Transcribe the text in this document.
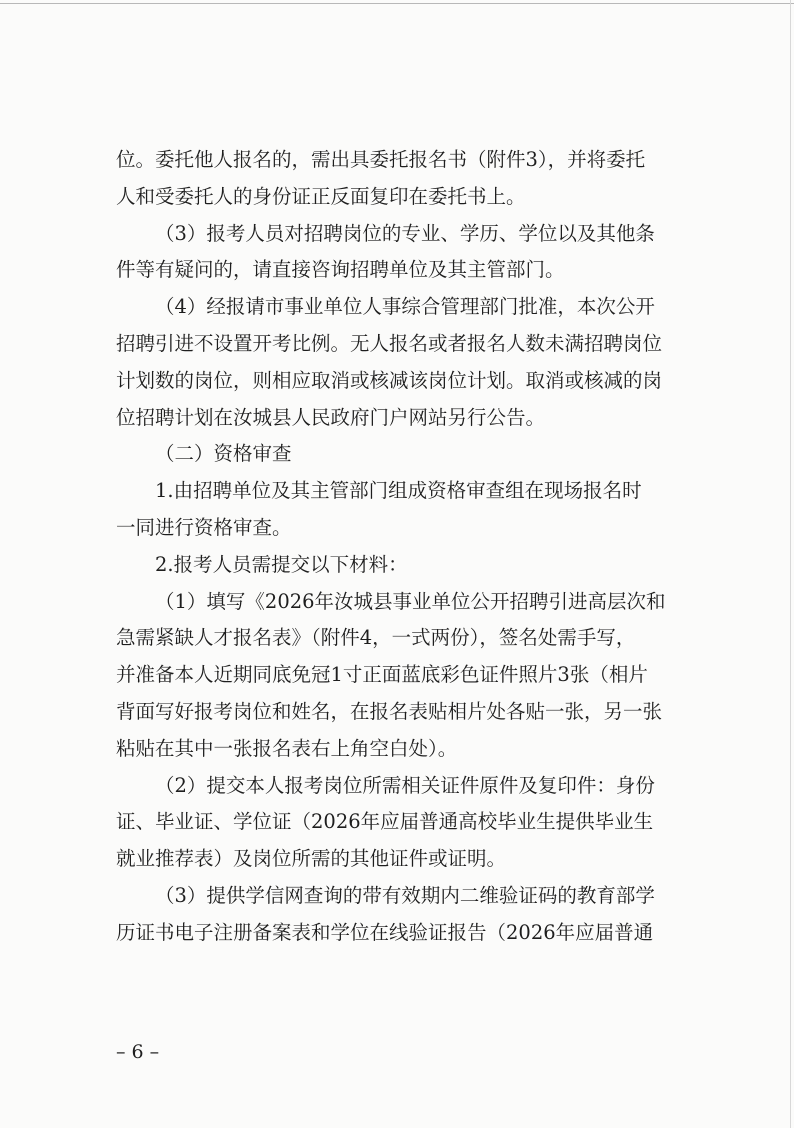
位。委托他人报名的，需出具委托报名书（附件3），并将委托
人和受委托人的身份证正反面复印在委托书上。
（3）报考人员对招聘岗位的专业、学历、学位以及其他条
件等有疑问的，请直接咨询招聘单位及其主管部门。
（4）经报请市事业单位人事综合管理部门批准，本次公开
招聘引进不设置开考比例。无人报名或者报名人数未满招聘岗位
计划数的岗位，则相应取消或核减该岗位计划。取消或核减的岗
位招聘计划在汝城县人民政府门户网站另行公告。
（二）资格审查
1.由招聘单位及其主管部门组成资格审查组在现场报名时
一同进行资格审查。
2.报考人员需提交以下材料：
（1）填写《2026年汝城县事业单位公开招聘引进高层次和
急需紧缺人才报名表》（附件4，一式两份），签名处需手写，
并准备本人近期同底免冠1寸正面蓝底彩色证件照片3张（相片
背面写好报考岗位和姓名，在报名表贴相片处各贴一张，另一张
粘贴在其中一张报名表右上角空白处）。
（2）提交本人报考岗位所需相关证件原件及复印件：身份
证、毕业证、学位证（2026年应届普通高校毕业生提供毕业生
就业推荐表）及岗位所需的其他证件或证明。
（3）提供学信网查询的带有效期内二维验证码的教育部学
历证书电子注册备案表和学位在线验证报告（2026年应届普通
– 6 –
